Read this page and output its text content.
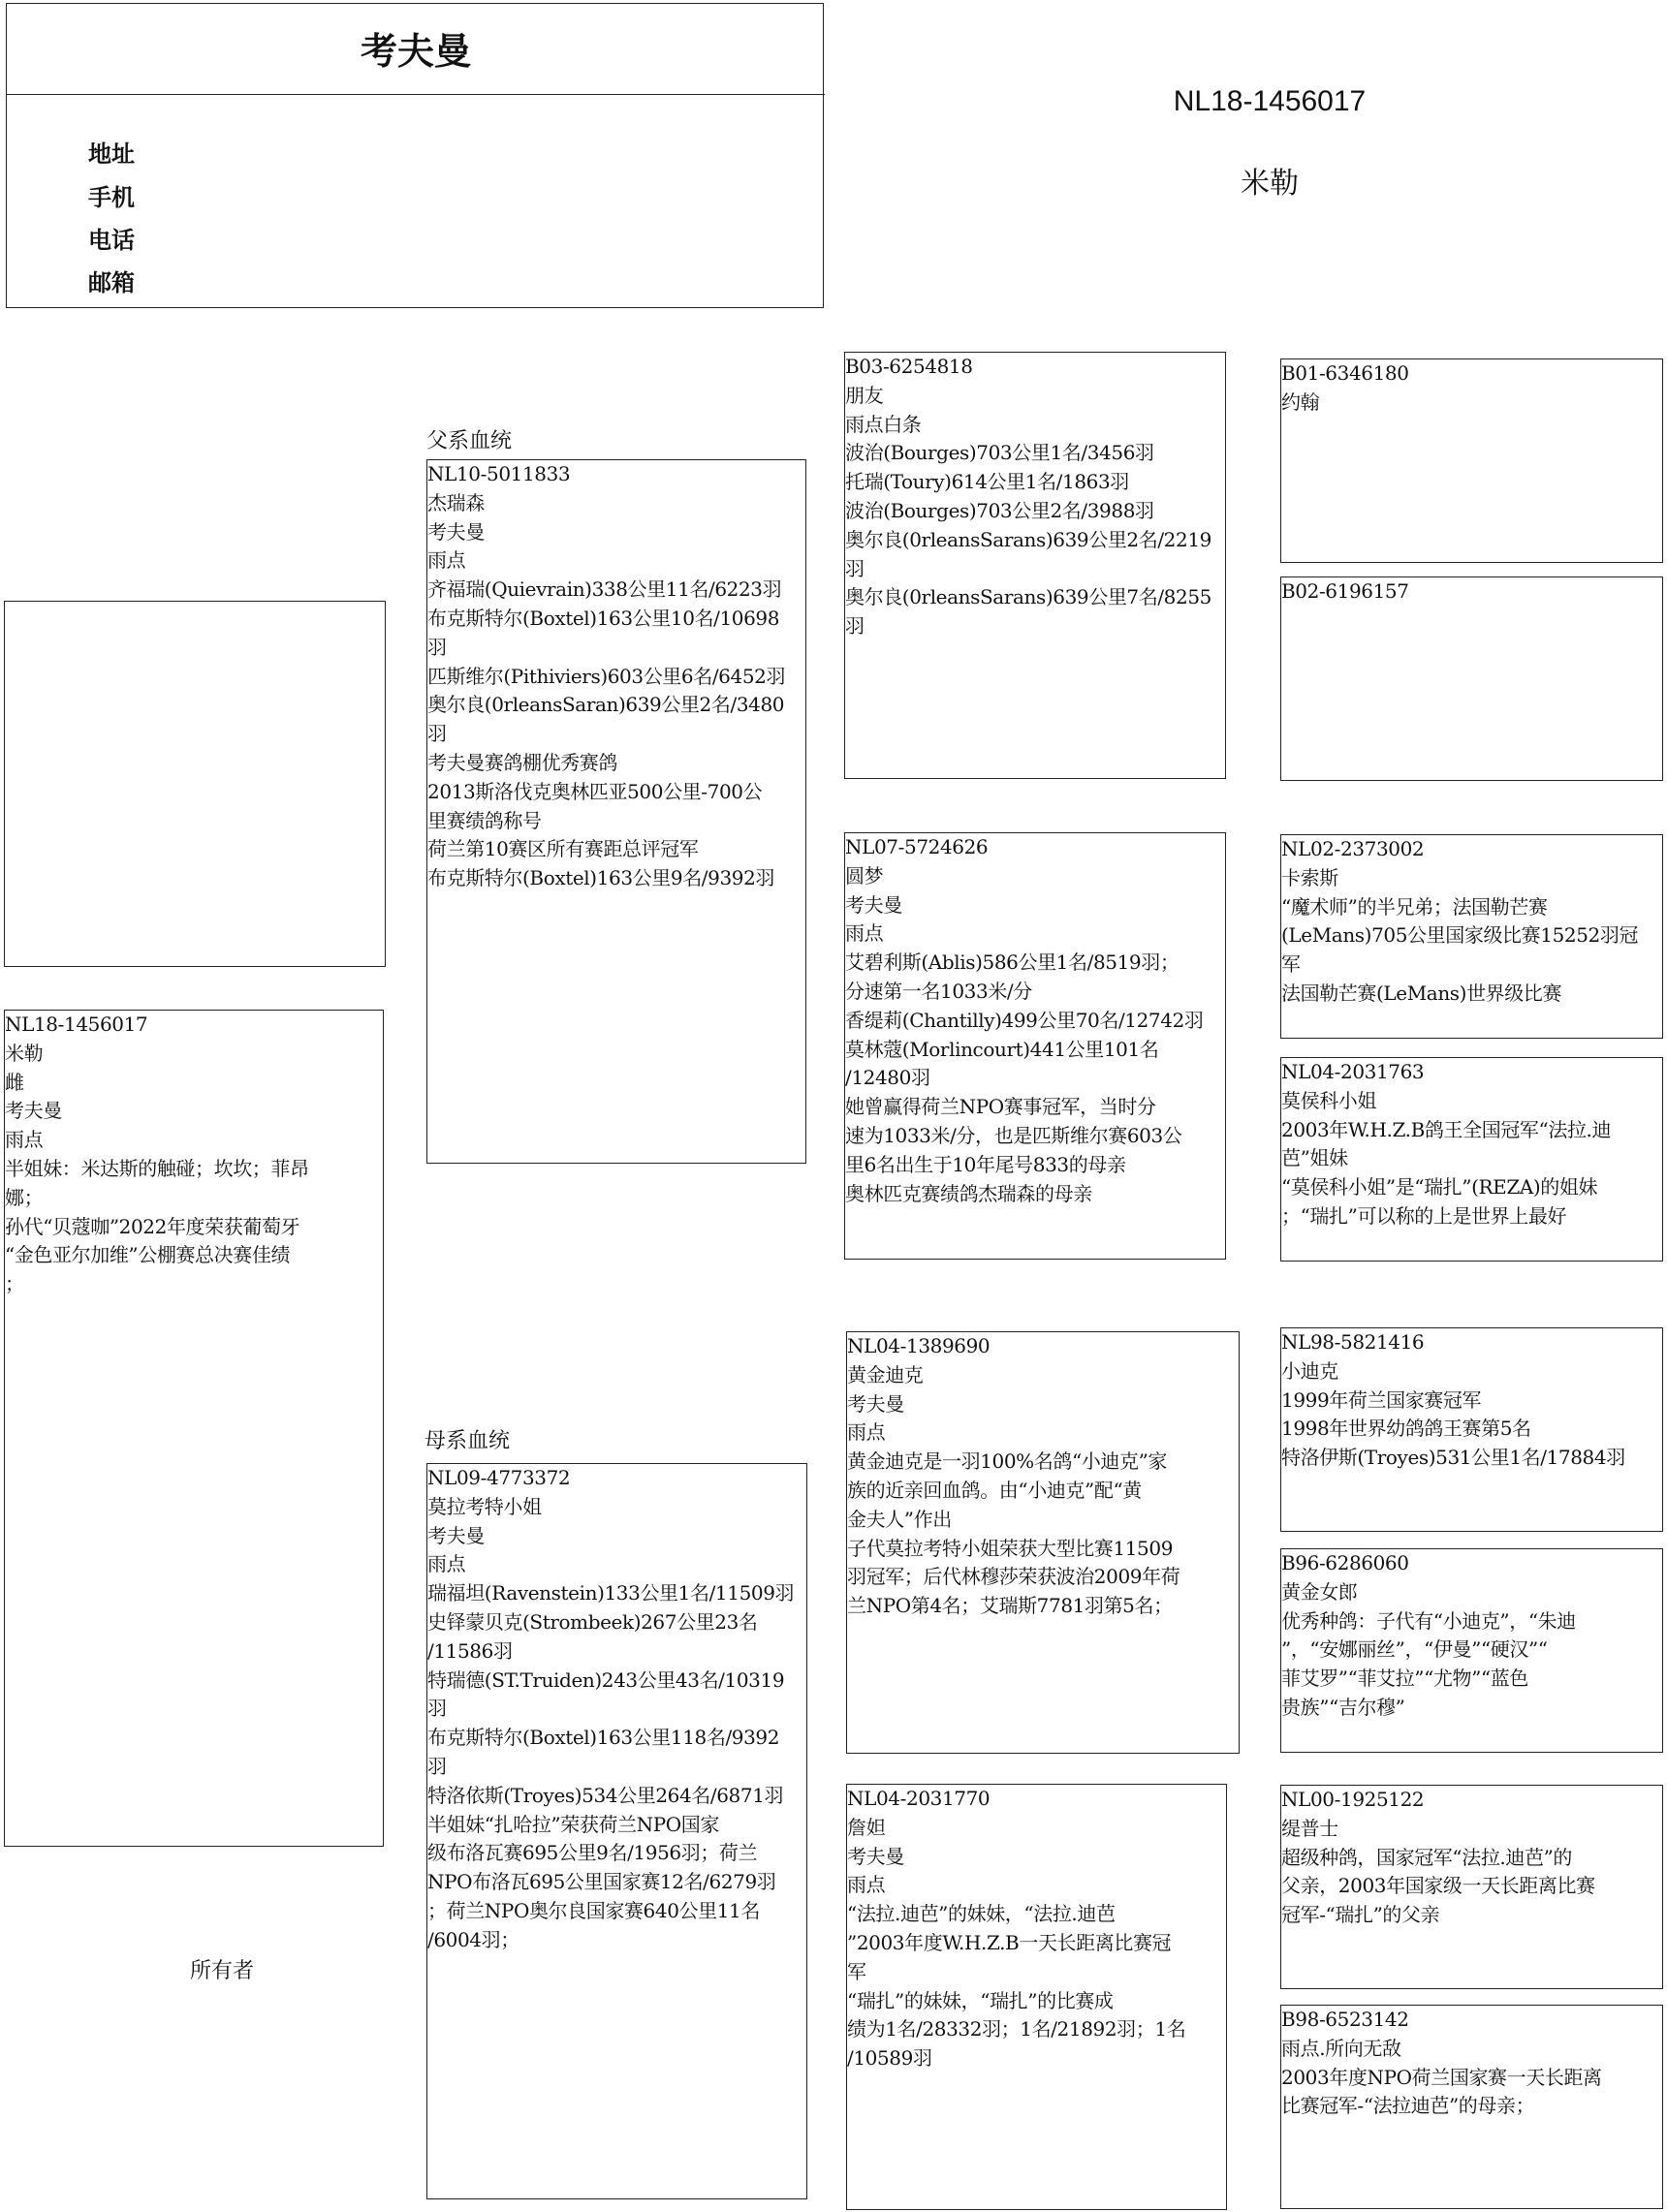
考夫曼
地址
手机
电话
邮箱
NL18-1456017
米勒
NL18-1456017
米勒
雌
考夫曼
雨点
半姐妹：米达斯的触碰；坎坎；菲昂
娜；
孙代“贝蔻咖”2022年度荣获葡萄牙
“金色亚尔加维”公棚赛总决赛佳绩
；
所有者
父系血统
NL10-5011833
杰瑞森
考夫曼
雨点
齐福瑞(Quievrain)338公里11名/6223羽
布克斯特尔(Boxtel)163公里10名/10698
羽
匹斯维尔(Pithiviers)603公里6名/6452羽
奥尔良(0rleansSaran)639公里2名/3480
羽
考夫曼赛鸽棚优秀赛鸽
2013斯洛伐克奥林匹亚500公里-700公
里赛绩鸽称号
荷兰第10赛区所有赛距总评冠军
布克斯特尔(Boxtel)163公里9名/9392羽
母系血统
NL09-4773372
莫拉考特小姐
考夫曼
雨点
瑞福坦(Ravenstein)133公里1名/11509羽
史铎蒙贝克(Strombeek)267公里23名
/11586羽
特瑞德(ST.Truiden)243公里43名/10319
羽
布克斯特尔(Boxtel)163公里118名/9392
羽
特洛依斯(Troyes)534公里264名/6871羽
半姐妹“扎哈拉”荣获荷兰NPO国家
级布洛瓦赛695公里9名/1956羽；荷兰
NPO布洛瓦695公里国家赛12名/6279羽
；荷兰NPO奥尔良国家赛640公里11名
/6004羽；
B03-6254818
朋友
雨点白条
波治(Bourges)703公里1名/3456羽
托瑞(Toury)614公里1名/1863羽
波治(Bourges)703公里2名/3988羽
奥尔良(0rleansSarans)639公里2名/2219
羽
奥尔良(0rleansSarans)639公里7名/8255
羽
NL07-5724626
圆梦
考夫曼
雨点
艾碧利斯(Ablis)586公里1名/8519羽；
分速第一名1033米/分
香缇莉(Chantilly)499公里70名/12742羽
莫林蔻(Morlincourt)441公里101名
/12480羽
她曾赢得荷兰NPO赛事冠军，当时分
速为1033米/分，也是匹斯维尔赛603公
里6名出生于10年尾号833的母亲
奥林匹克赛绩鸽杰瑞森的母亲
NL04-1389690
黄金迪克
考夫曼
雨点
黄金迪克是一羽100%名鸽“小迪克”家
族的近亲回血鸽。由“小迪克”配“黄
金夫人”作出
子代莫拉考特小姐荣获大型比赛11509
羽冠军；后代林穆莎荣获波治2009年荷
兰NPO第4名；艾瑞斯7781羽第5名；
NL04-2031770
詹妲
考夫曼
雨点
“法拉.迪芭”的妹妹，“法拉.迪芭
”2003年度W.H.Z.B一天长距离比赛冠
军
“瑞扎”的妹妹，“瑞扎”的比赛成
绩为1名/28332羽；1名/21892羽；1名
/10589羽
B01-6346180
约翰
B02-6196157
NL02-2373002
卡索斯
“魔术师”的半兄弟；法国勒芒赛
(LeMans)705公里国家级比赛15252羽冠
军
法国勒芒赛(LeMans)世界级比赛
NL04-2031763
莫侯科小姐
2003年W.H.Z.B鸽王全国冠军“法拉.迪
芭”姐妹
“莫侯科小姐”是“瑞扎”(REZA)的姐妹
；“瑞扎”可以称的上是世界上最好
NL98-5821416
小迪克
1999年荷兰国家赛冠军
1998年世界幼鸽鸽王赛第5名
特洛伊斯(Troyes)531公里1名/17884羽
B96-6286060
黄金女郎
优秀种鸽：子代有“小迪克”，“朱迪
”，“安娜丽丝”，“伊曼”“硬汉”“
菲艾罗”“菲艾拉”“尤物”“蓝色
贵族”“吉尔穆”
NL00-1925122
缇普士
超级种鸽，国家冠军“法拉.迪芭”的
父亲，2003年国家级一天长距离比赛
冠军-“瑞扎”的父亲
B98-6523142
雨点.所向无敌
2003年度NPO荷兰国家赛一天长距离
比赛冠军-“法拉迪芭”的母亲；
